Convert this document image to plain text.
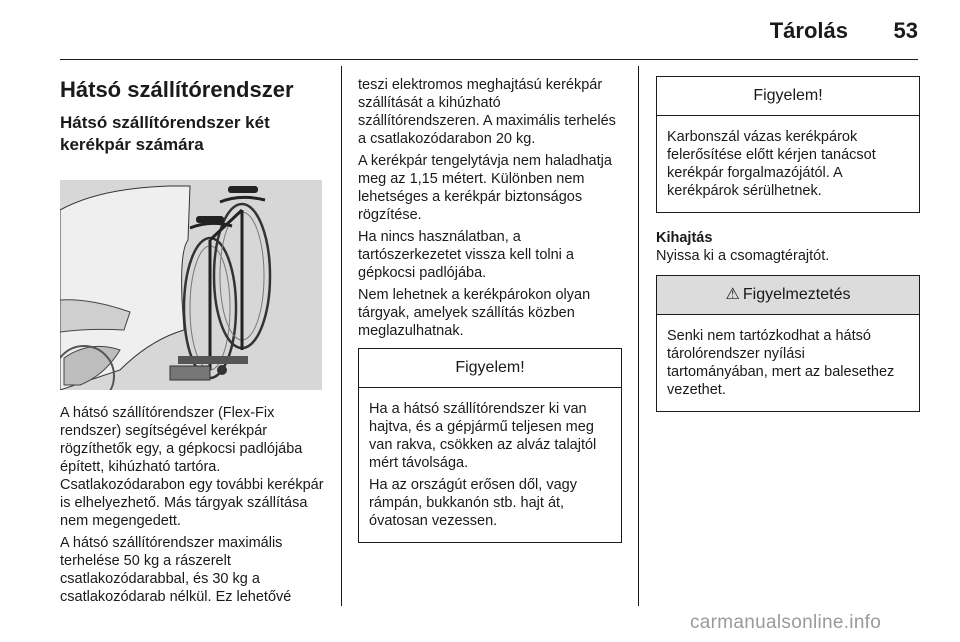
Tárolás	53
Hátsó szállítórendszer
Hátsó szállítórendszer két kerékpár számára

A hátsó szállítórendszer (Flex-Fix rendszer) segítségével kerékpár rögzíthetők egy, a gépkocsi padlójába épített, kihúzható tartóra. Csatlakozódarabon egy további kerékpár is elhelyezhető. Más tárgyak szállítása nem megengedett.

A hátsó szállítórendszer maximális terhelése 50 kg a rászerelt csatlakozódarabbal, és 30 kg a csatlakozódarab nélkül. Ez lehetővé

teszi elektromos meghajtású kerékpár szállítását a kihúzható szállítórendszeren. A maximális terhelés a csatlakozódarabon 20 kg.

A kerékpár tengelytávja nem haladhatja meg az 1,15 métert. Különben nem lehetséges a kerékpár biztonságos rögzítése.

Ha nincs használatban, a tartószerkezetet vissza kell tolni a gépkocsi padlójába.

Nem lehetnek a kerékpárokon olyan tárgyak, amelyek szállítás közben meglazulhatnak.

Figyelem!

Ha a hátsó szállítórendszer ki van hajtva, és a gépjármű teljesen meg van rakva, csökken az alváz talajtól mért távolsága.

Ha az országút erősen dől, vagy rámpán, bukkanón stb. hajt át, óvatosan vezessen.

Figyelem!

Karbonszál vázas kerékpárok felerősítése előtt kérjen tanácsot kerékpár forgalmazójától. A kerékpárok sérülhetnek.

Kihajtás

Nyissa ki a csomagtérajtót.

⚠ Figyelmeztetés

Senki nem tartózkodhat a hátsó tárolórendszer nyílási tartományában, mert az balesethez vezethet.

carmanualsonline.info
